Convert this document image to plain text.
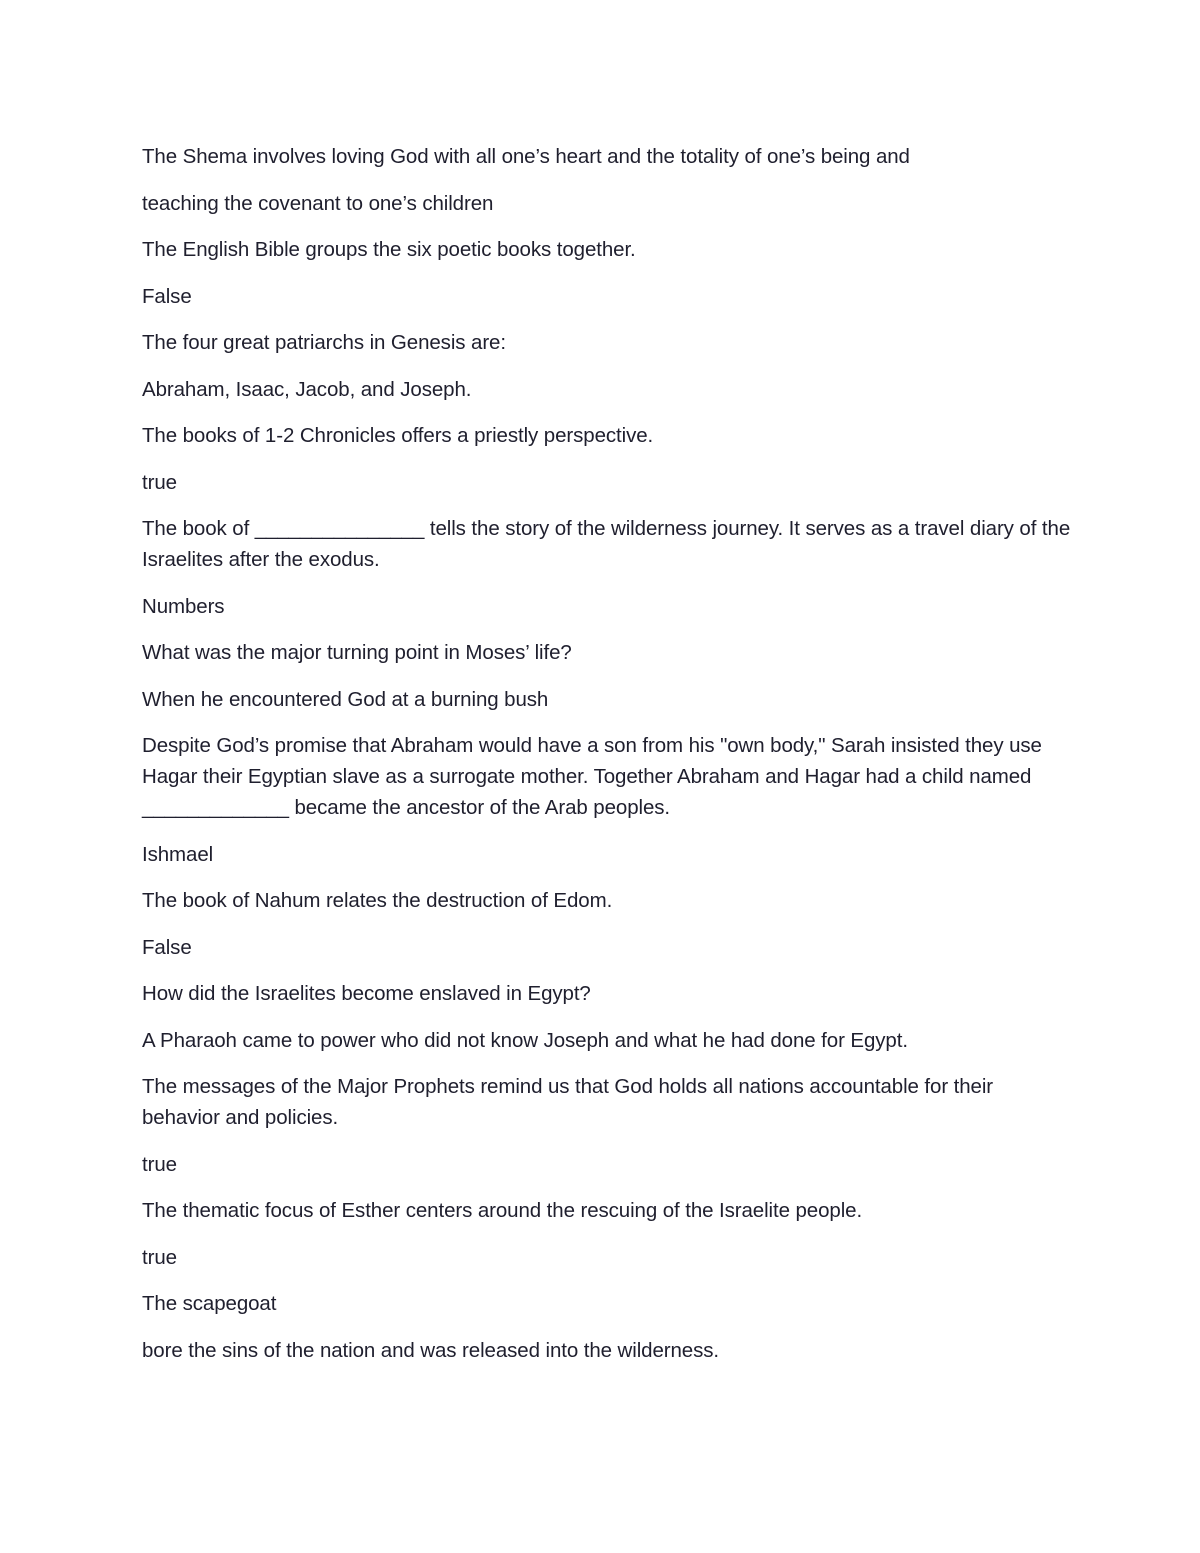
The Shema involves loving God with all one’s heart and the totality of one’s being and

teaching the covenant to one’s children

The English Bible groups the six poetic books together.

False

The four great patriarchs in Genesis are:

Abraham, Isaac, Jacob, and Joseph.

The books of 1-2 Chronicles offers a priestly perspective.

true

The book of _______________ tells the story of the wilderness journey. It serves as a travel diary of the Israelites after the exodus.

Numbers

What was the major turning point in Moses’ life?

When he encountered God at a burning bush

Despite God’s promise that Abraham would have a son from his "own body," Sarah insisted they use Hagar their Egyptian slave as a surrogate mother. Together Abraham and Hagar had a child named _____________ became the ancestor of the Arab peoples.

Ishmael

The book of Nahum relates the destruction of Edom.

False

How did the Israelites become enslaved in Egypt?

A Pharaoh came to power who did not know Joseph and what he had done for Egypt.

The messages of the Major Prophets remind us that God holds all nations accountable for their behavior and policies.

true

The thematic focus of Esther centers around the rescuing of the Israelite people.

true

The scapegoat

bore the sins of the nation and was released into the wilderness.
